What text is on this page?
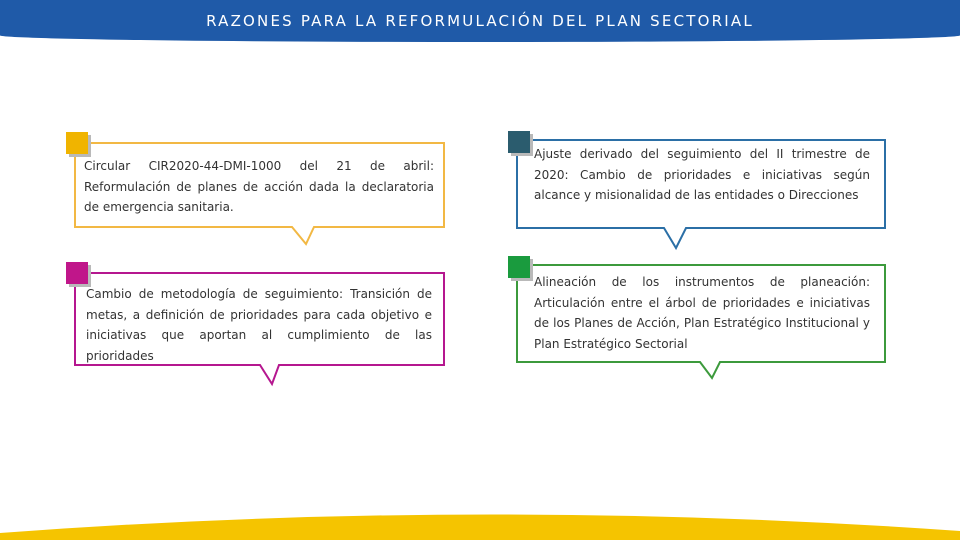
RAZONES PARA LA REFORMULACIÓN DEL PLAN SECTORIAL
Circular CIR2020-44-DMI-1000 del 21 de abril: Reformulación de planes de acción dada la declaratoria de emergencia sanitaria.
Cambio de metodología de seguimiento: Transición de metas, a definición de prioridades para cada objetivo e iniciativas que aportan al cumplimiento de las prioridades
Ajuste derivado del seguimiento del II trimestre de 2020: Cambio de prioridades e iniciativas según alcance y misionalidad de las entidades o Direcciones
Alineación de los instrumentos de planeación: Articulación entre el árbol de prioridades e iniciativas de los Planes de Acción, Plan Estratégico Institucional y Plan Estratégico Sectorial
